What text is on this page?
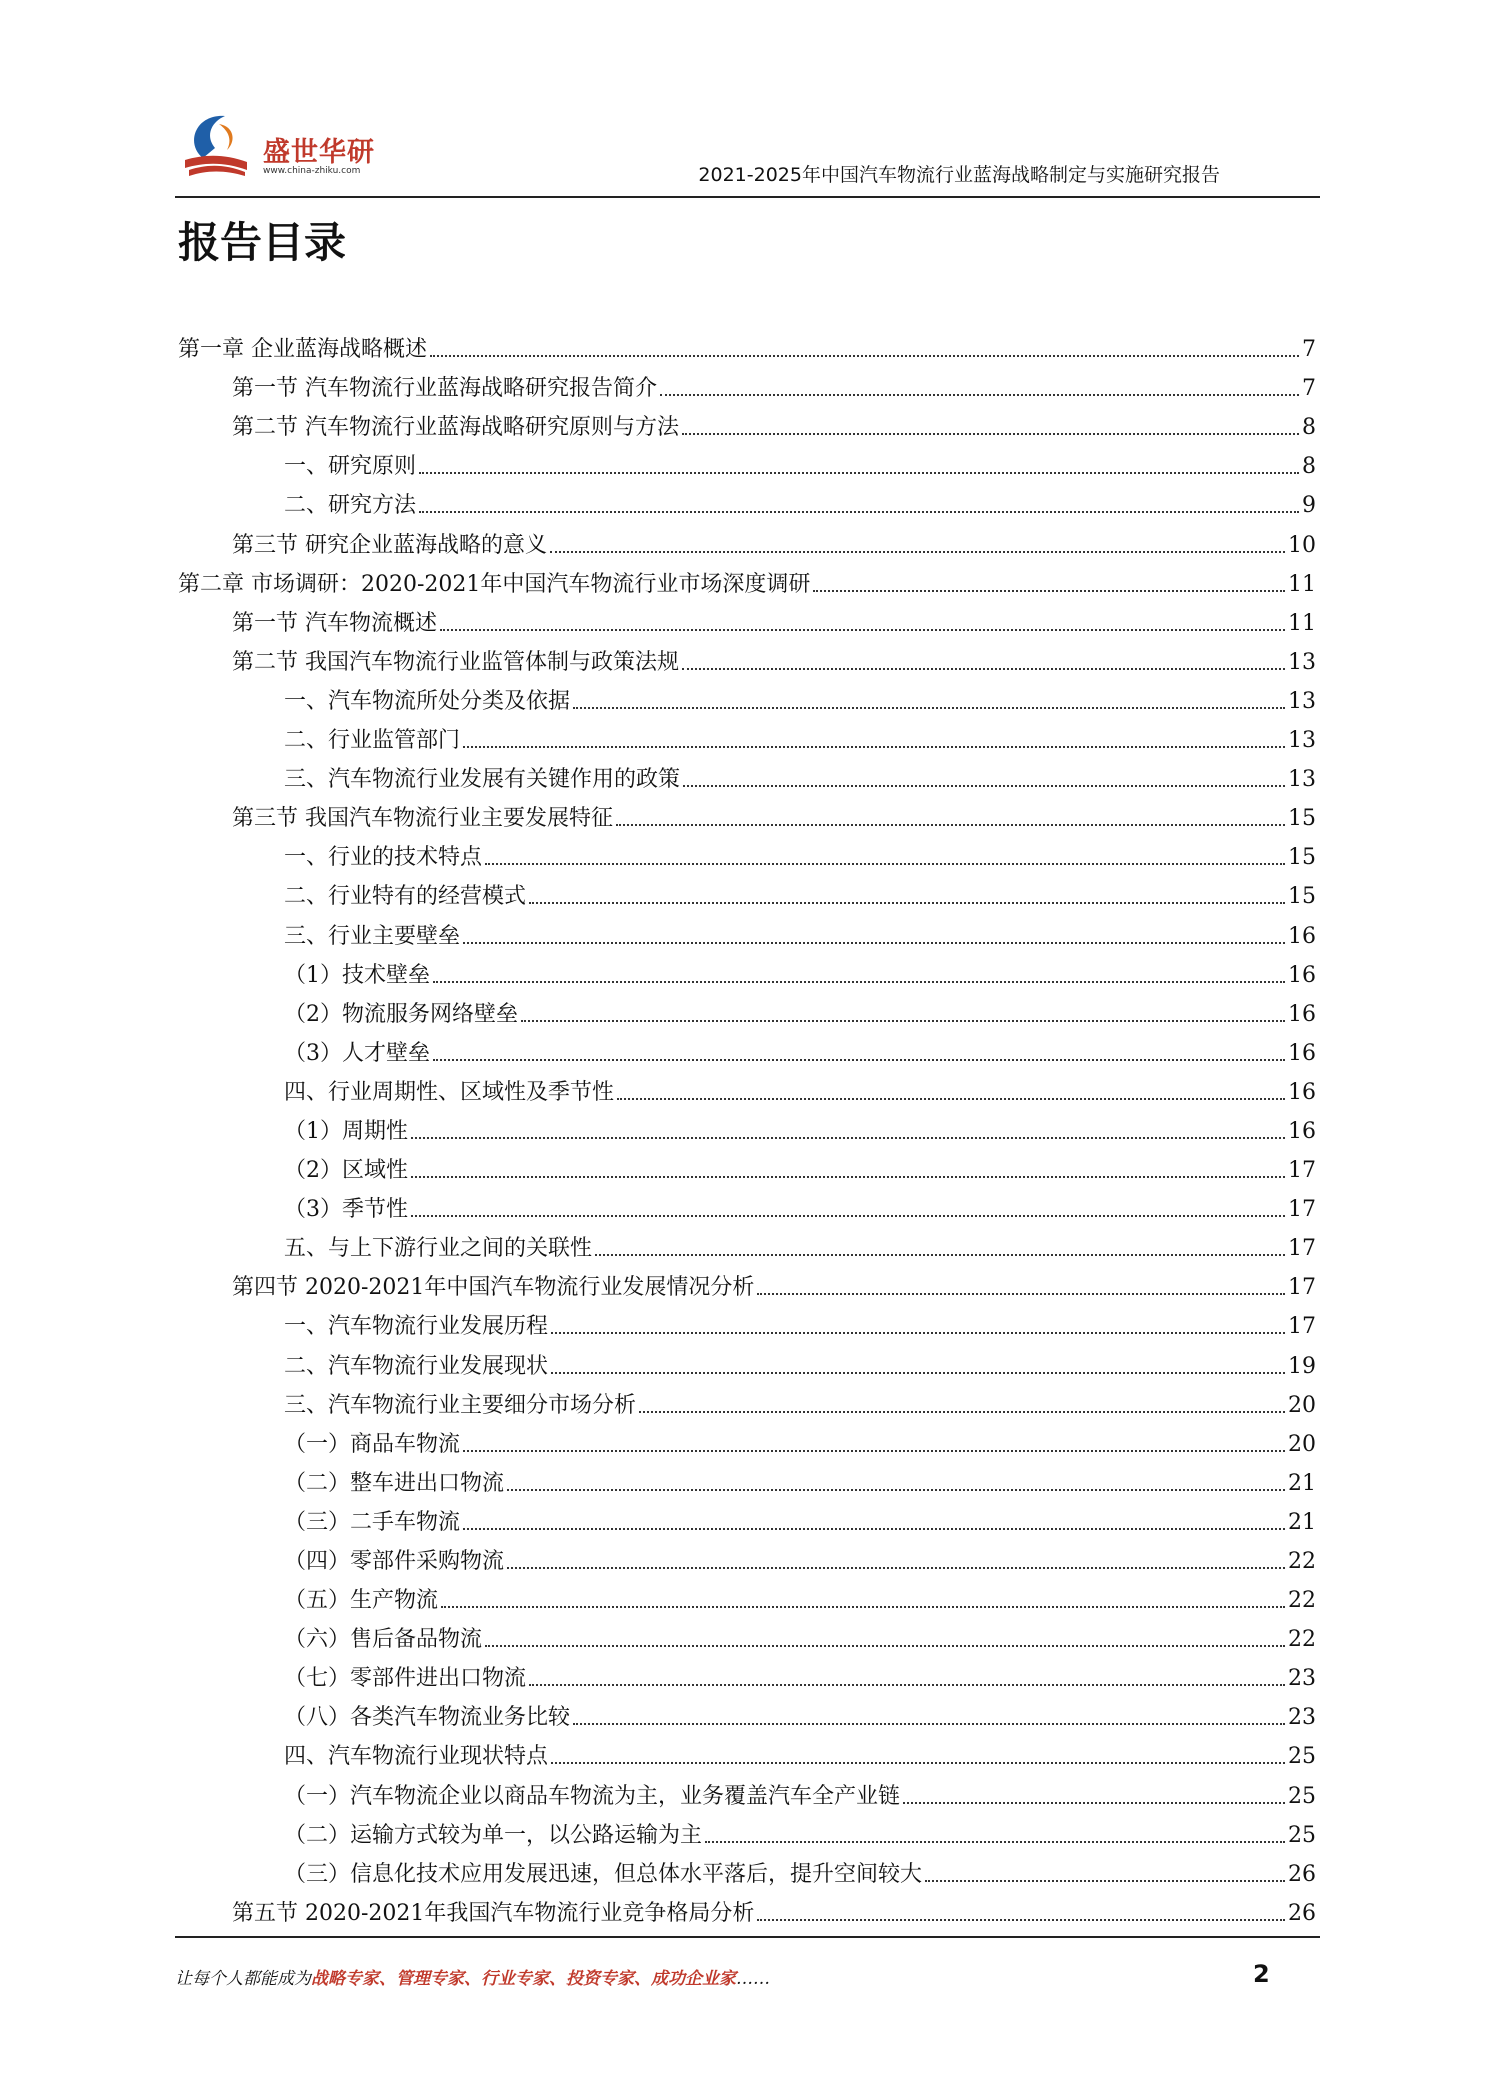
盛世华研
www.china-zhiku.com	2021-2025年中国汽车物流行业蓝海战略制定与实施研究报告
报告目录
第一章 企业蓝海战略概述	7
第一节 汽车物流行业蓝海战略研究报告简介	7
第二节 汽车物流行业蓝海战略研究原则与方法	8
一、研究原则	8
二、研究方法	9
第三节 研究企业蓝海战略的意义	10
第二章 市场调研：2020-2021年中国汽车物流行业市场深度调研	11
第一节 汽车物流概述	11
第二节 我国汽车物流行业监管体制与政策法规	13
一、汽车物流所处分类及依据	13
二、行业监管部门	13
三、汽车物流行业发展有关键作用的政策	13
第三节 我国汽车物流行业主要发展特征	15
一、行业的技术特点	15
二、行业特有的经营模式	15
三、行业主要壁垒	16
（1）技术壁垒	16
（2）物流服务网络壁垒	16
（3）人才壁垒	16
四、行业周期性、区域性及季节性	16
（1）周期性	16
（2）区域性	17
（3）季节性	17
五、与上下游行业之间的关联性	17
第四节 2020-2021年中国汽车物流行业发展情况分析	17
一、汽车物流行业发展历程	17
二、汽车物流行业发展现状	19
三、汽车物流行业主要细分市场分析	20
（一）商品车物流	20
（二）整车进出口物流	21
（三）二手车物流	21
（四）零部件采购物流	22
（五）生产物流	22
（六）售后备品物流	22
（七）零部件进出口物流	23
（八）各类汽车物流业务比较	23
四、汽车物流行业现状特点	25
（一）汽车物流企业以商品车物流为主，业务覆盖汽车全产业链	25
（二）运输方式较为单一，以公路运输为主	25
（三）信息化技术应用发展迅速，但总体水平落后，提升空间较大	26
第五节 2020-2021年我国汽车物流行业竞争格局分析	26
让每个人都能成为战略专家、管理专家、行业专家、投资专家、成功企业家……	2
